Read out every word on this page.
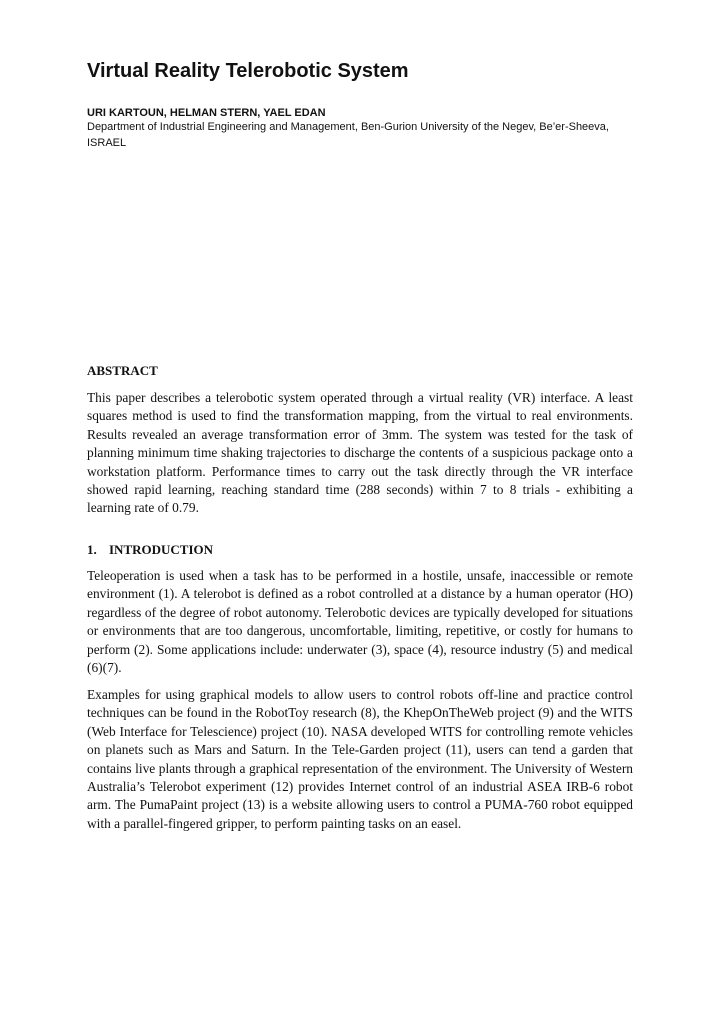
Virtual Reality Telerobotic System

URI KARTOUN, HELMAN STERN, YAEL EDAN

Department of Industrial Engineering and Management, Ben-Gurion University of the Negev, Be’er-Sheeva, ISRAEL

ABSTRACT

This paper describes a telerobotic system operated through a virtual reality (VR) interface. A least squares method is used to find the transformation mapping, from the virtual to real environments. Results revealed an average transformation error of 3mm. The system was tested for the task of planning minimum time shaking trajectories to discharge the contents of a suspicious package onto a workstation platform. Performance times to carry out the task directly through the VR interface showed rapid learning, reaching standard time (288 seconds) within 7 to 8 trials - exhibiting a learning rate of 0.79.

1. INTRODUCTION

Teleoperation is used when a task has to be performed in a hostile, unsafe, inaccessible or remote environment (1). A telerobot is defined as a robot controlled at a distance by a human operator (HO) regardless of the degree of robot autonomy. Telerobotic devices are typically developed for situations or environments that are too dangerous, uncomfortable, limiting, repetitive, or costly for humans to perform (2). Some applications include: underwater (3), space (4), resource industry (5) and medical (6)(7).

Examples for using graphical models to allow users to control robots off-line and practice control techniques can be found in the RobotToy research (8), the KhepOnTheWeb project (9) and the WITS (Web Interface for Telescience) project (10). NASA developed WITS for controlling remote vehicles on planets such as Mars and Saturn. In the Tele-Garden project (11), users can tend a garden that contains live plants through a graphical representation of the environment. The University of Western Australia’s Telerobot experiment (12) provides Internet control of an industrial ASEA IRB-6 robot arm. The PumaPaint project (13) is a website allowing users to control a PUMA-760 robot equipped with a parallel-fingered gripper, to perform painting tasks on an easel.
